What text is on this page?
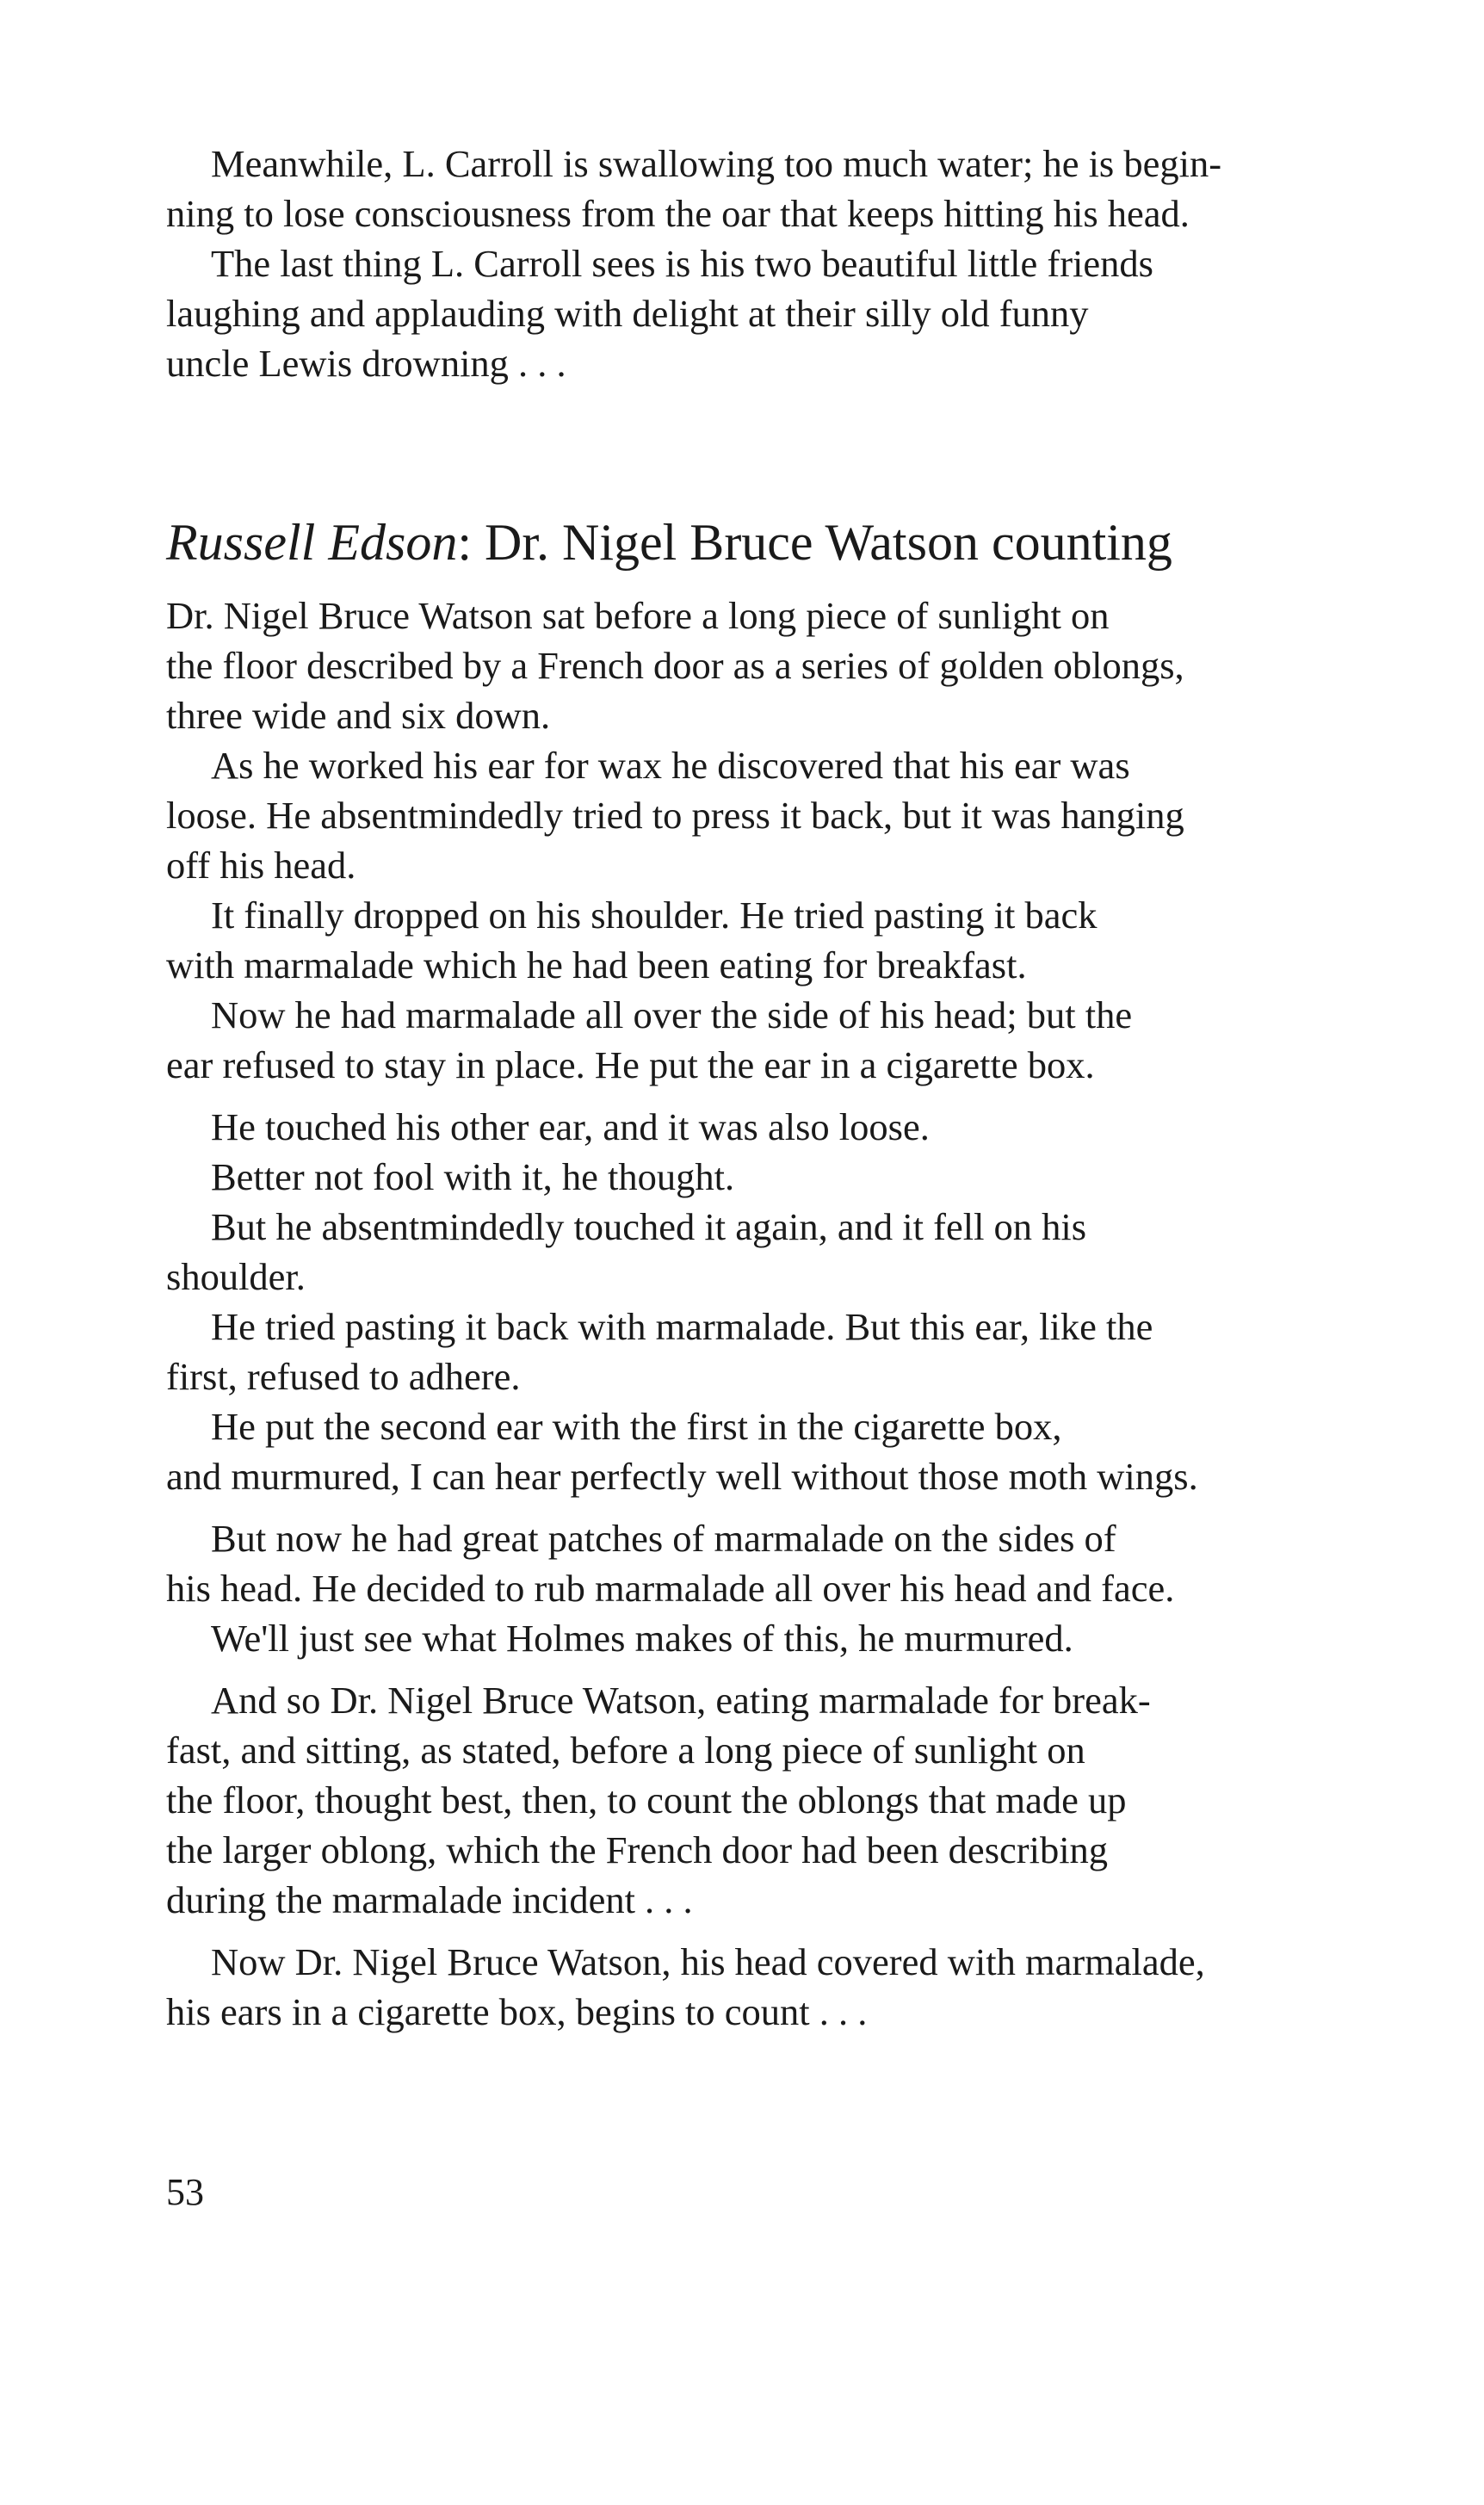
Meanwhile, L. Carroll is swallowing too much water; he is begin-
ning to lose consciousness from the oar that keeps hitting his head.
The last thing L. Carroll sees is his two beautiful little friends
laughing and applauding with delight at their silly old funny
uncle Lewis drowning . . .

Russell Edson: Dr. Nigel Bruce Watson counting

Dr. Nigel Bruce Watson sat before a long piece of sunlight on
the floor described by a French door as a series of golden oblongs,
three wide and six down.

As he worked his ear for wax he discovered that his ear was
loose. He absentmindedly tried to press it back, but it was hanging
off his head.

It finally dropped on his shoulder. He tried pasting it back
with marmalade which he had been eating for breakfast.

Now he had marmalade all over the side of his head; but the
ear refused to stay in place. He put the ear in a cigarette box.

He touched his other ear, and it was also loose.

Better not fool with it, he thought.

But he absentmindedly touched it again, and it fell on his
shoulder.

He tried pasting it back with marmalade. But this ear, like the
first, refused to adhere.

He put the second ear with the first in the cigarette box,
and murmured, I can hear perfectly well without those moth wings.

But now he had great patches of marmalade on the sides of
his head. He decided to rub marmalade all over his head and face.

We'll just see what Holmes makes of this, he murmured.

And so Dr. Nigel Bruce Watson, eating marmalade for break-
fast, and sitting, as stated, before a long piece of sunlight on
the floor, thought best, then, to count the oblongs that made up
the larger oblong, which the French door had been describing
during the marmalade incident . . .

Now Dr. Nigel Bruce Watson, his head covered with marmalade,
his ears in a cigarette box, begins to count . . .

53
